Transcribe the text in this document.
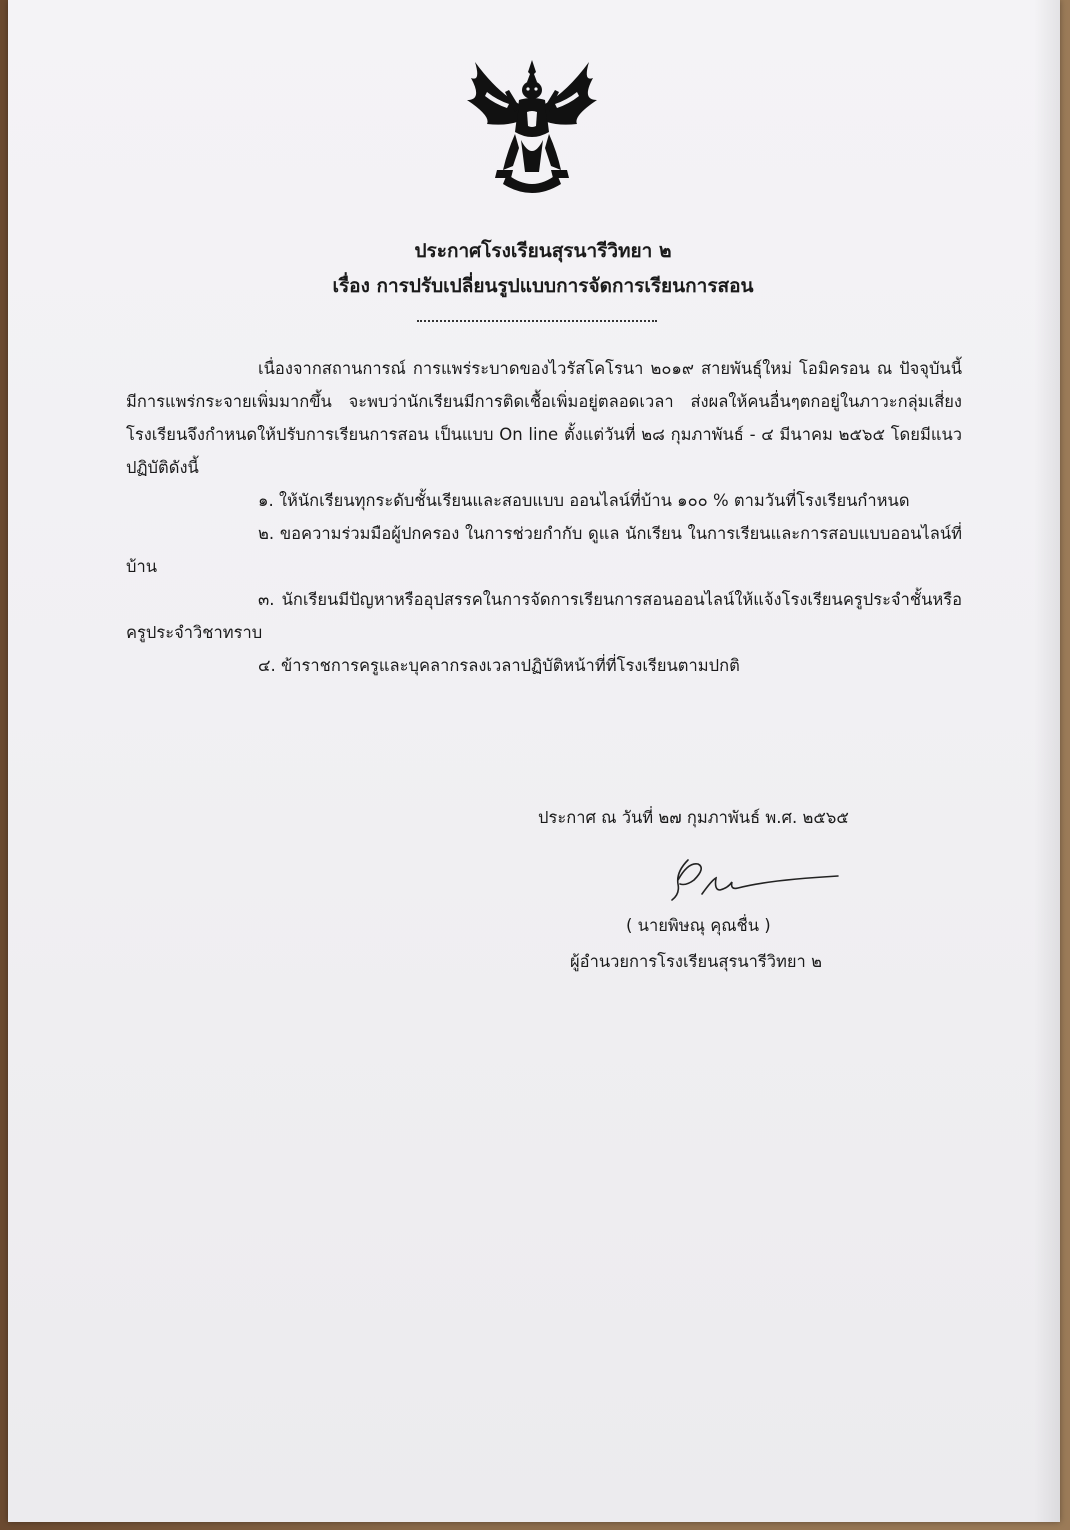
ประกาศโรงเรียนสุรนารีวิทยา ๒
เรื่อง การปรับเปลี่ยนรูปแบบการจัดการเรียนการสอน

เนื่องจากสถานการณ์ การแพร่ระบาดของไวรัสโคโรนา ๒๐๑๙ สายพันธุ์ใหม่ โอมิครอน ณ ปัจจุบันนี้มีการแพร่กระจายเพิ่มมากขึ้น จะพบว่านักเรียนมีการติดเชื้อเพิ่มอยู่ตลอดเวลา ส่งผลให้คนอื่นๆตกอยู่ในภาวะกลุ่มเสี่ยง โรงเรียนจึงกำหนดให้ปรับการเรียนการสอน เป็นแบบ On line ตั้งแต่วันที่ ๒๘ กุมภาพันธ์ - ๔ มีนาคม ๒๕๖๕ โดยมีแนวปฏิบัติดังนี้

๑. ให้นักเรียนทุกระดับชั้นเรียนและสอบแบบ ออนไลน์ที่บ้าน ๑๐๐ % ตามวันที่โรงเรียนกำหนด

๒. ขอความร่วมมือผู้ปกครอง ในการช่วยกำกับ ดูแล นักเรียน ในการเรียนและการสอบแบบออนไลน์ที่บ้าน

๓. นักเรียนมีปัญหาหรืออุปสรรคในการจัดการเรียนการสอนออนไลน์ให้แจ้งโรงเรียนครูประจำชั้นหรือครูประจำวิชาทราบ

๔. ข้าราชการครูและบุคลากรลงเวลาปฏิบัติหน้าที่ที่โรงเรียนตามปกติ

ประกาศ ณ วันที่ ๒๗ กุมภาพันธ์ พ.ศ. ๒๕๖๕
( นายพิษณุ คุณชื่น )
ผู้อำนวยการโรงเรียนสุรนารีวิทยา ๒
